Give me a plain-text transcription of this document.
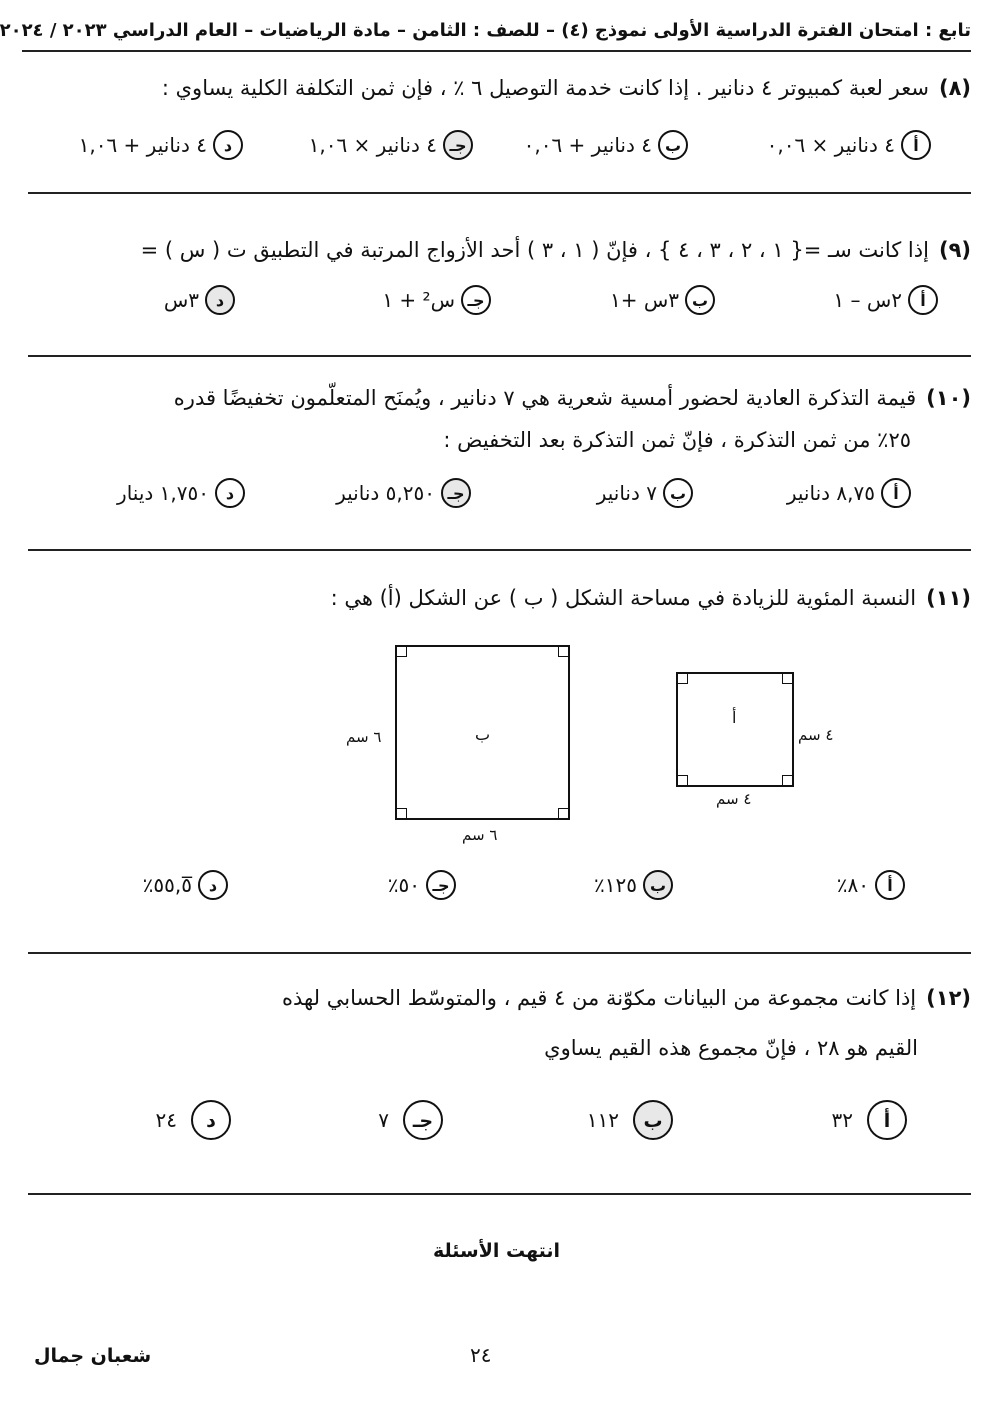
تابع : امتحان الفترة الدراسية الأولى نموذج (٤) – للصف : الثامن – مادة الرياضيات – العام الدراسي ٢٠٢٣ / ٢٠٢٤
(٨)سعر لعبة كمبيوتر ٤ دنانير . إذا كانت خدمة التوصيل ٦ ٪ ، فإن ثمن التكلفة الكلية يساوي :
أ
٤ دنانير × ٠,٠٦
ب
٤ دنانير + ٠,٠٦
جـ
٤ دنانير × ١,٠٦
د
٤ دنانير + ١,٠٦
(٩)إذا كانت سـ ={ ١ ، ٢ ، ٣ ، ٤ } ، فإنّ ( ١ ، ٣ ) أحد الأزواج المرتبة في التطبيق ت ( س ) =
أ
٢س – ١
ب
٣س +١
جـ
س² + ١
د
٣س
(١٠)قيمة التذكرة العادية لحضور أمسية شعرية هي ٧ دنانير ، ويُمنَح المتعلّمون تخفيضًا قدره
٢٥٪ من ثمن التذكرة ، فإنّ ثمن التذكرة بعد التخفيض :
أ
٨,٧٥ دنانير
ب
٧ دنانير
جـ
٥,٢٥٠ دنانير
د
١,٧٥٠ دينار
(١١)النسبة المئوية للزيادة في مساحة الشكل ( ب ) عن الشكل (أ) هي :
ب
٦ سم
٦ سم
أ
٤ سم
٤ سم
أ
٨٠٪
ب
١٢٥٪
جـ
٥٠٪
د
٥٥,٥̅٪
(١٢)إذا كانت مجموعة من البيانات مكوّنة من ٤ قيم ، والمتوسّط الحسابي لهذه
القيم هو ٢٨ ، فإنّ مجموع هذه القيم يساوي
أ
٣٢
ب
١١٢
جـ
٧
د
٢٤
انتهت الأسئلة
٢٤
شعبان جمال
